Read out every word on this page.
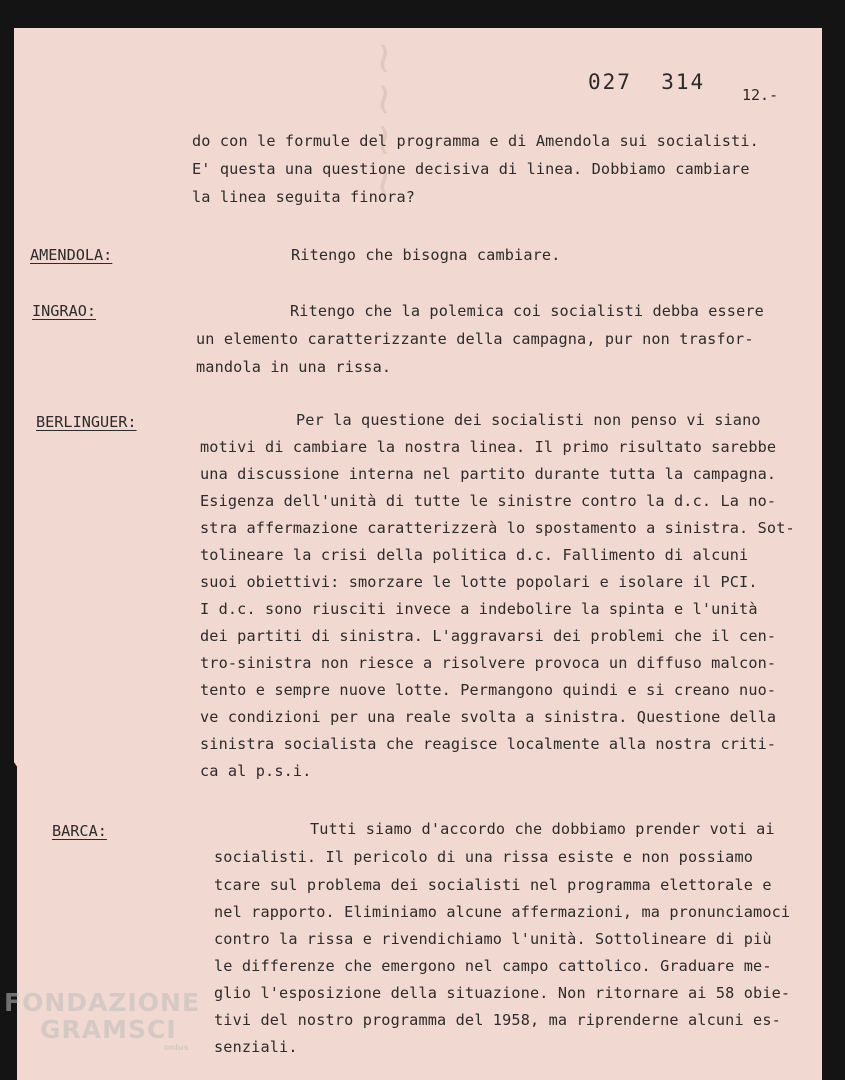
027  314
12.-
do con le formule del programma e di Amendola sui socialisti.
E' questa una questione decisiva di linea. Dobbiamo cambiare
la linea seguita finora?
AMENDOLA:	Ritengo che bisogna cambiare.
INGRAO:	Ritengo che la polemica coi socialisti debba essere
un elemento caratterizzante della campagna, pur non trasfor-
mandola in una rissa.
BERLINGUER:	Per la questione dei socialisti non penso vi siano
motivi di cambiare la nostra linea. Il primo risultato sarebbe
una discussione interna nel partito durante tutta la campagna.
Esigenza dell'unità di tutte le sinistre contro la d.c. La no-
stra affermazione caratterizzerà lo spostamento a sinistra. Sot-
tolineare la crisi della politica d.c. Fallimento di alcuni
suoi obiettivi: smorzare le lotte popolari e isolare il PCI.
I d.c. sono riusciti invece a indebolire la spinta e l'unità
dei partiti di sinistra. L'aggravarsi dei problemi che il cen-
tro-sinistra non riesce a risolvere provoca un diffuso malcon-
tento e sempre nuove lotte. Permangono quindi e si creano nuo-
ve condizioni per una reale svolta a sinistra. Questione della
sinistra socialista che reagisce localmente alla nostra criti-
ca al p.s.i.
BARCA:	Tutti siamo d'accordo che dobbiamo prender voti ai
socialisti. Il pericolo di una rissa esiste e non possiamo
tcare sul problema dei socialisti nel programma elettorale e
nel rapporto. Eliminiamo alcune affermazioni, ma pronunciamoci
contro la rissa e rivendichiamo l'unità. Sottolineare di più
le differenze che emergono nel campo cattolico. Graduare me-
glio l'esposizione della situazione. Non ritornare ai 58 obie-
tivi del nostro programma del 1958, ma riprenderne alcuni es-
senziali.
FONDAZIONE
GRAMSCI
onlus
